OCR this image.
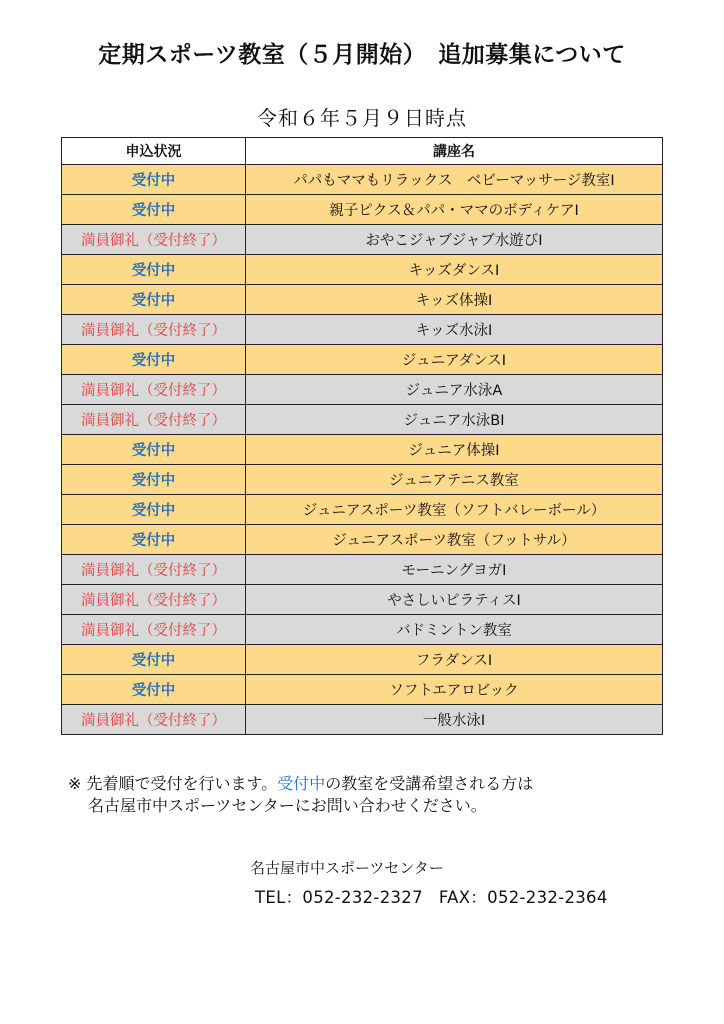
定期スポーツ教室（５月開始）　追加募集について
令和６年５月９日時点
申込状況	講座名
受付中	パパもママもリラックス　ベビーマッサージ教室Ⅰ
受付中	親子ピクス＆パパ・ママのボディケアⅠ
満員御礼（受付終了）	おやこジャブジャブ水遊びⅠ
受付中	キッズダンスⅠ
受付中	キッズ体操Ⅰ
満員御礼（受付終了）	キッズ水泳Ⅰ
受付中	ジュニアダンスⅠ
満員御礼（受付終了）	ジュニア水泳A
満員御礼（受付終了）	ジュニア水泳BⅠ
受付中	ジュニア体操Ⅰ
受付中	ジュニアテニス教室
受付中	ジュニアスポーツ教室（ソフトバレーボール）
受付中	ジュニアスポーツ教室（フットサル）
満員御礼（受付終了）	モーニングヨガⅠ
満員御礼（受付終了）	やさしいピラティスⅠ
満員御礼（受付終了）	バドミントン教室
受付中	フラダンスⅠ
受付中	ソフトエアロビック
満員御礼（受付終了）	一般水泳Ⅰ
※ 先着順で受付を行います。受付中の教室を受講希望される方は
名古屋市中スポーツセンターにお問い合わせください。
名古屋市中スポーツセンター
TEL：052-232-2327 FAX：052-232-2364
